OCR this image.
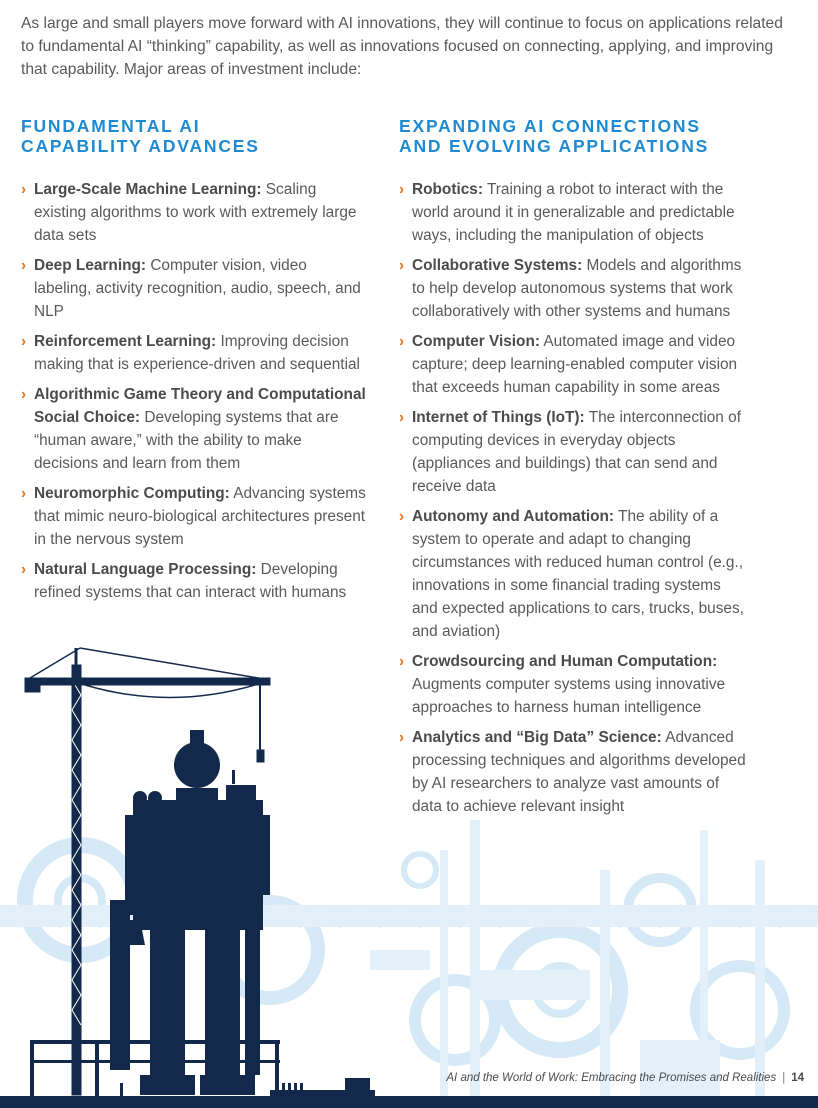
As large and small players move forward with AI innovations, they will continue to focus on applications related to fundamental AI “thinking” capability, as well as innovations focused on connecting, applying, and improving that capability. Major areas of investment include:

FUNDAMENTAL AI
CAPABILITY ADVANCES
› Large-Scale Machine Learning: Scaling existing algorithms to work with extremely large data sets
› Deep Learning: Computer vision, video labeling, activity recognition, audio, speech, and NLP
› Reinforcement Learning: Improving decision making that is experience-driven and sequential
› Algorithmic Game Theory and Computational Social Choice: Developing systems that are “human aware,” with the ability to make decisions and learn from them
› Neuromorphic Computing: Advancing systems that mimic neuro-biological architectures present in the nervous system
› Natural Language Processing: Developing refined systems that can interact with humans
EXPANDING AI CONNECTIONS
AND EVOLVING APPLICATIONS
› Robotics: Training a robot to interact with the world around it in generalizable and predictable ways, including the manipulation of objects
› Collaborative Systems: Models and algorithms to help develop autonomous systems that work collaboratively with other systems and humans
› Computer Vision: Automated image and video capture; deep learning-enabled computer vision that exceeds human capability in some areas
› Internet of Things (IoT): The interconnection of computing devices in everyday objects (appliances and buildings) that can send and receive data
› Autonomy and Automation: The ability of a system to operate and adapt to changing circumstances with reduced human control (e.g., innovations in some financial trading systems and expected applications to cars, trucks, buses, and aviation)
› Crowdsourcing and Human Computation: Augments computer systems using innovative approaches to harness human intelligence
› Analytics and “Big Data” Science: Advanced processing techniques and algorithms developed by AI researchers to analyze vast amounts of data to achieve relevant insight
AI and the World of Work: Embracing the Promises and Realities | 14
